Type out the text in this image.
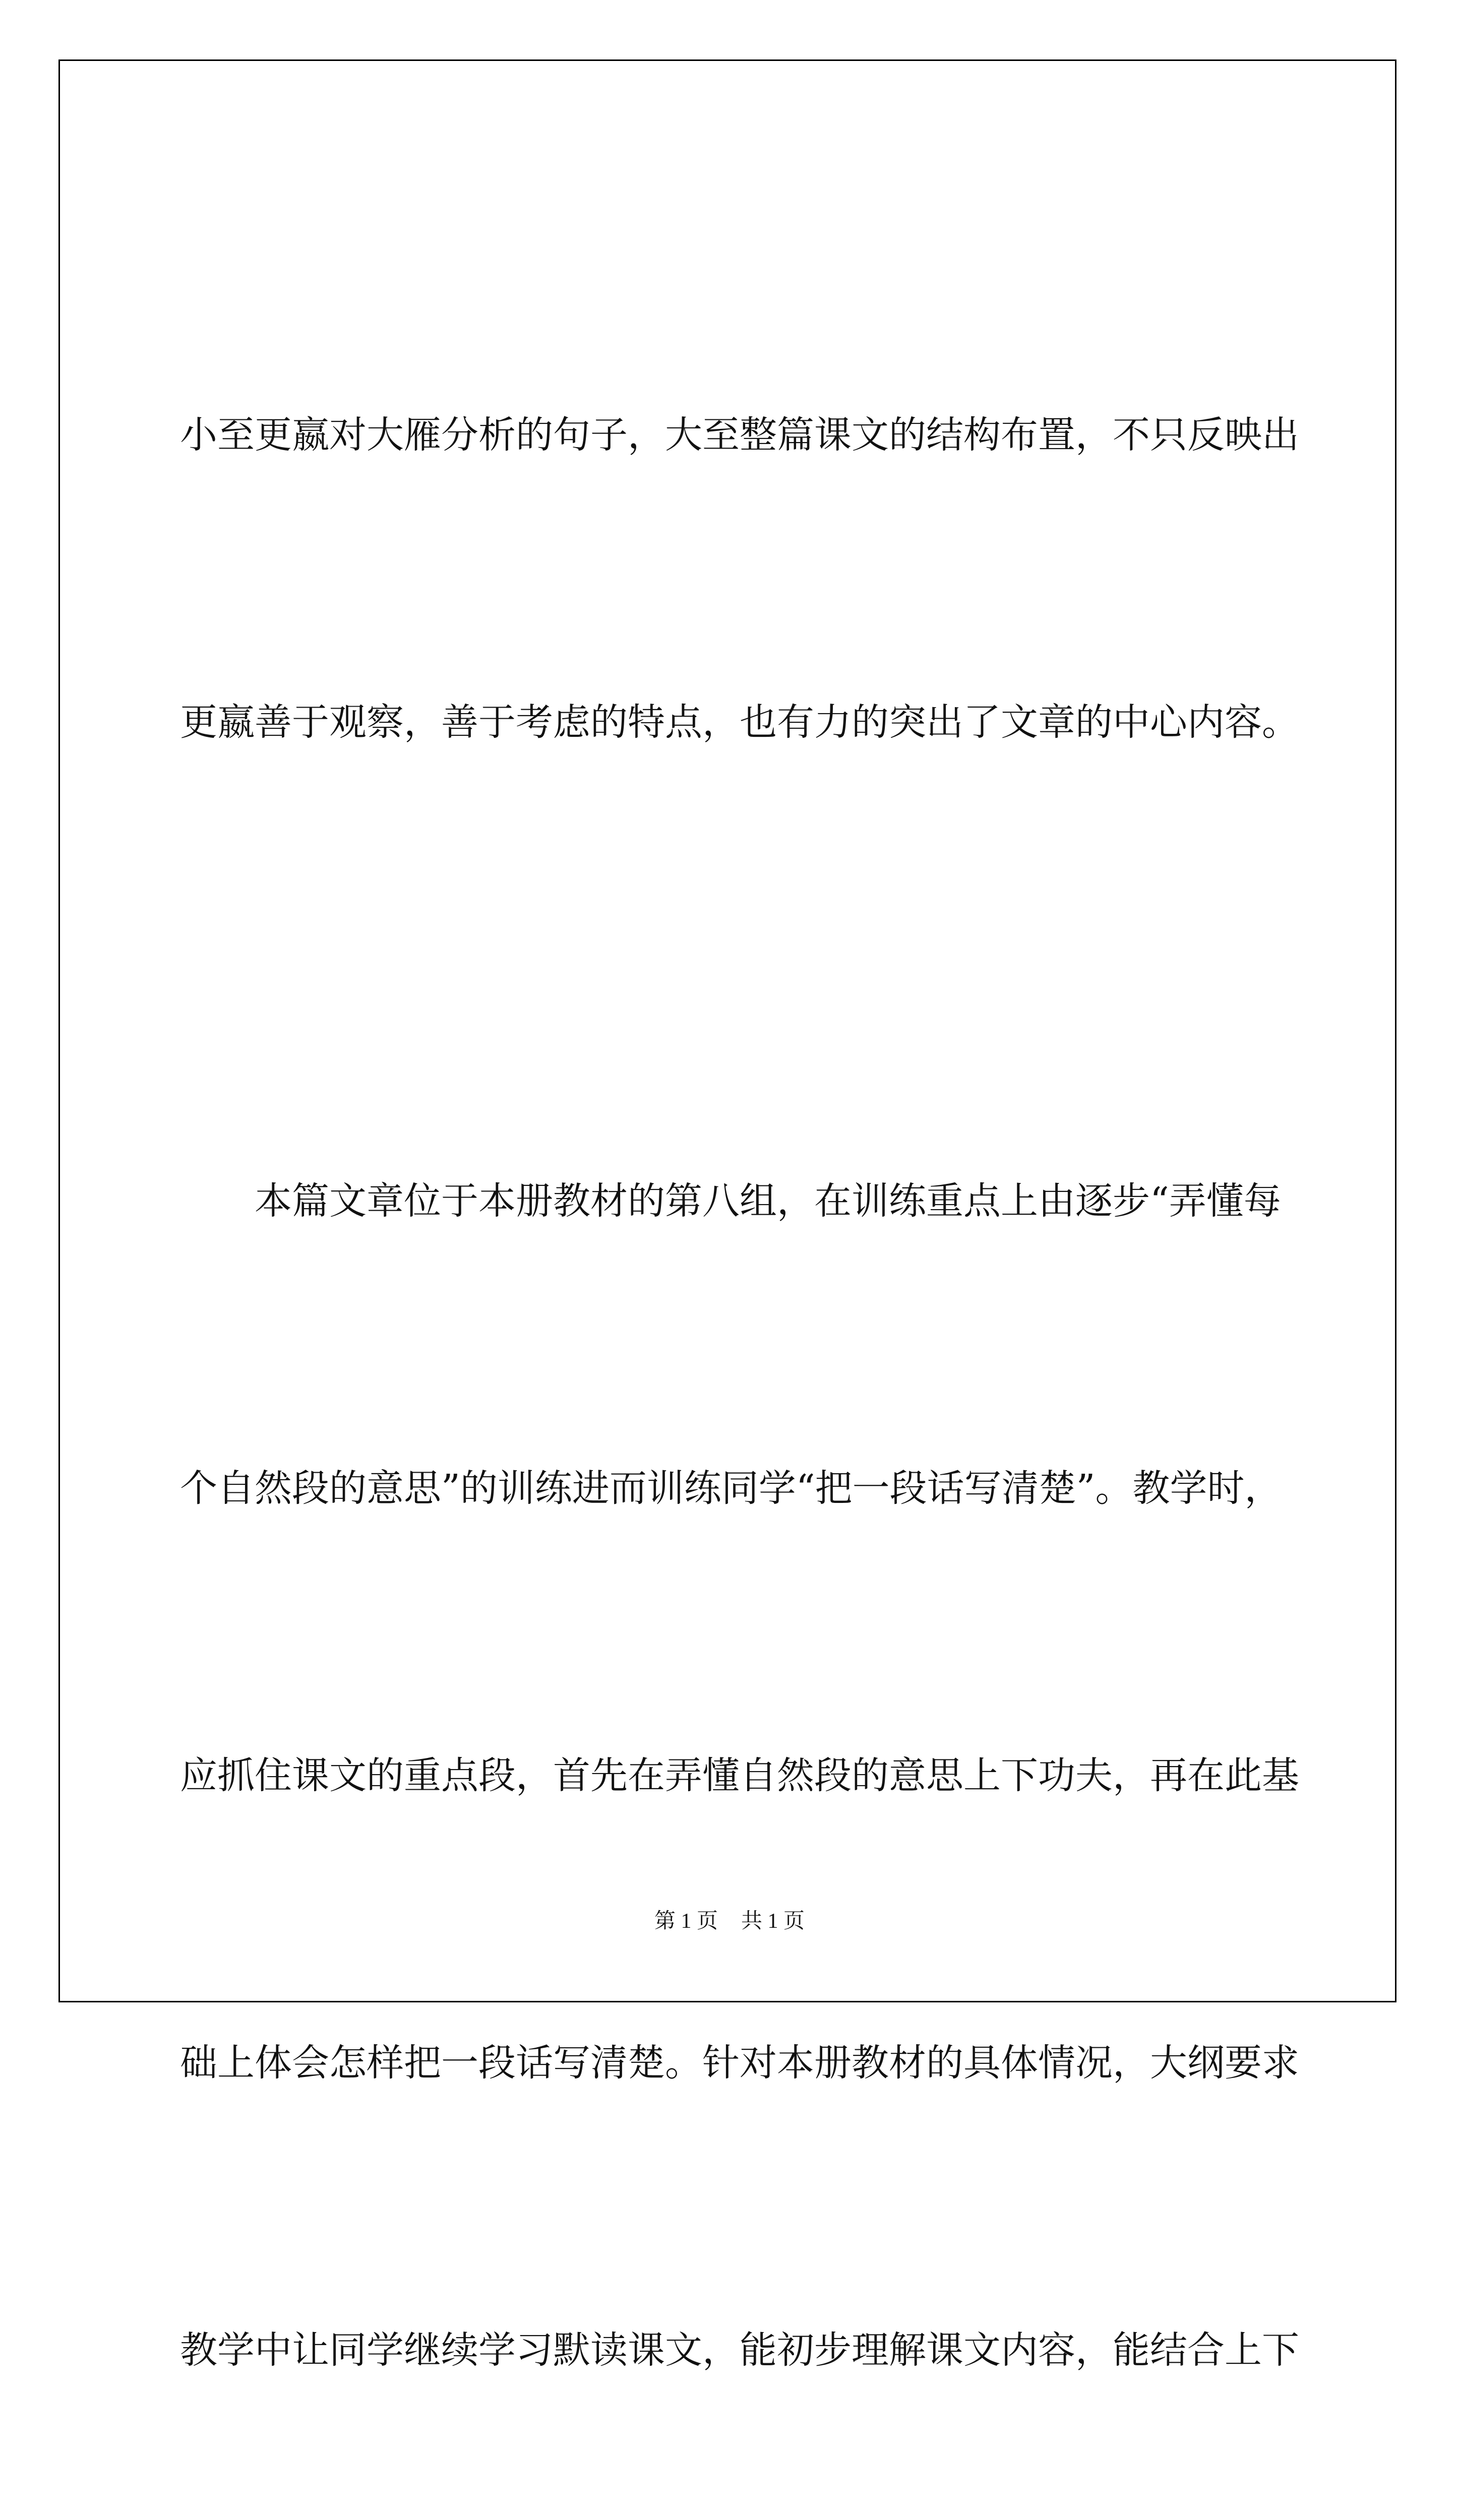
小至更嬴对大雁分析的句子，大至整篇课文的结构布置，不只反映出

更嬴善于观察，善于考虑的特点，也有力的突出了文章的中心内容。

本篇文章位于本册教材的第八组，在训练重点上由逐步“弄懂每

个自然段的意思”的训练进而训练同学“把一段话写清楚”。教学时，

应抓住课文的重点段，首先在弄懂自然段的意思上下功夫，再在此基

础上体会怎样把一段话写清楚。针对本册教材的具体情况，大纲要求

教学中让同学继续学习默读课文，能初步理解课文内容，能结合上下

第 1 页 共 1 页
